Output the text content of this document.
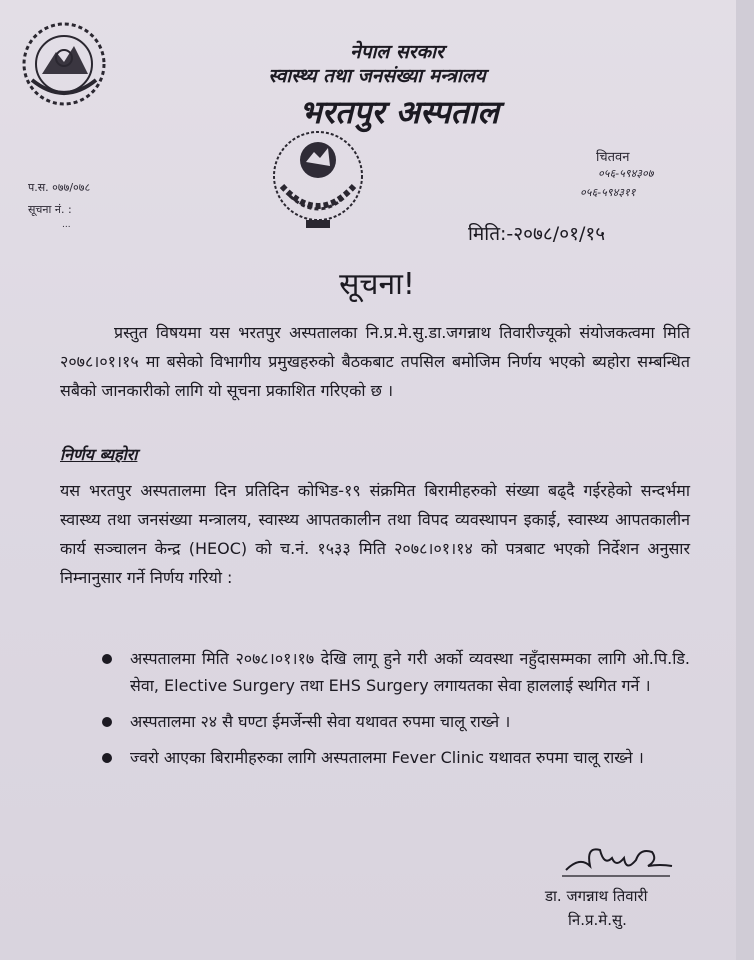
नेपाल सरकार
स्वास्थ्य तथा जनसंख्या मन्त्रालय
भरतपुर अस्पताल
प.स. ०७७/०७८
सूचना नं. :
...
चितवन
०५६-५९४३०७
०५६-५९४३११
मिति:-२०७८/०१/१५
सूचना!
प्रस्तुत विषयमा यस भरतपुर अस्पतालका नि.प्र.मे.सु.डा.जगन्नाथ तिवारीज्यूको संयोजकत्वमा मिति २०७८।०१।१५ मा बसेको विभागीय प्रमुखहरुको बैठकबाट तपसिल बमोजिम निर्णय भएको ब्यहोरा सम्बन्धित सबैको जानकारीको लागि यो सूचना प्रकाशित गरिएको छ ।
निर्णय ब्यहोरा
यस भरतपुर अस्पतालमा दिन प्रतिदिन कोभिड-१९ संक्रमित बिरामीहरुको संख्या बढ्दै गईरहेको सन्दर्भमा स्वास्थ्य तथा जनसंख्या मन्त्रालय, स्वास्थ्य आपतकालीन तथा विपद व्यवस्थापन इकाई, स्वास्थ्य आपतकालीन कार्य सञ्चालन केन्द्र (HEOC) को च.नं. १५३३ मिति २०७८।०१।१४ को पत्रबाट भएको निर्देशन अनुसार निम्नानुसार गर्ने निर्णय गरियो :
अस्पतालमा मिति २०७८।०१।१७ देखि लागू हुने गरी अर्को व्यवस्था नहुँदासम्मका लागि ओ.पि.डि. सेवा, Elective Surgery तथा EHS Surgery लगायतका सेवा हाललाई स्थगित गर्ने ।
अस्पतालमा २४ सै घण्टा ईमर्जेन्सी सेवा यथावत रुपमा चालू राख्ने ।
ज्वरो आएका बिरामीहरुका लागि अस्पतालमा Fever Clinic यथावत रुपमा चालू राख्ने ।
डा. जगन्नाथ तिवारी
नि.प्र.मे.सु.
